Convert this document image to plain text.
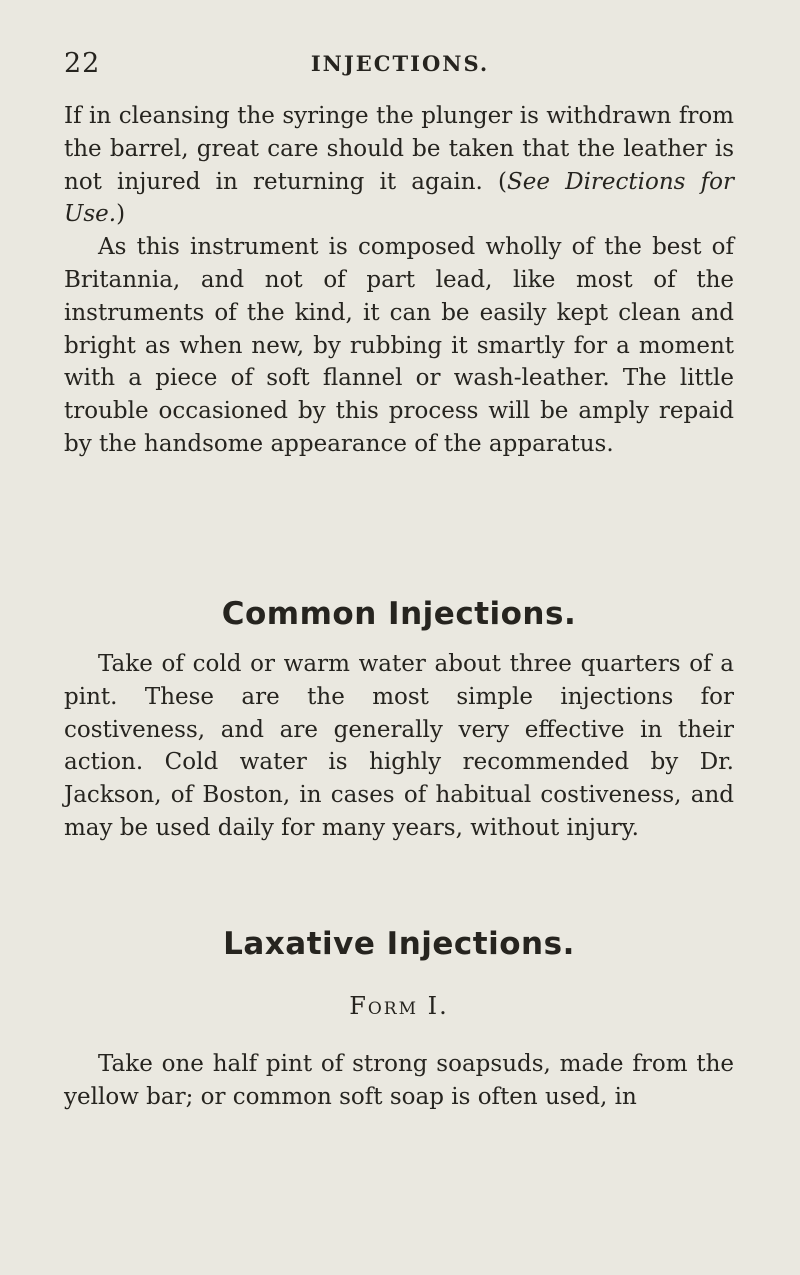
22	INJECTIONS.

If in cleansing the syringe the plunger is withdrawn from the barrel, great care should be taken that the leather is not injured in returning it again. (See Directions for Use.)

As this instrument is composed wholly of the best of Britannia, and not of part lead, like most of the instruments of the kind, it can be easily kept clean and bright as when new, by rubbing it smartly for a moment with a piece of soft flannel or wash-leather. The little trouble occasioned by this process will be amply repaid by the handsome appearance of the apparatus.

Common Injections.

Take of cold or warm water about three quarters of a pint. These are the most simple injections for costiveness, and are generally very effective in their action. Cold water is highly recommended by Dr. Jackson, of Boston, in cases of habitual costiveness, and may be used daily for many years, without injury.

Laxative Injections.
Form I.

Take one half pint of strong soapsuds, made from the yellow bar; or common soft soap is often used, in
